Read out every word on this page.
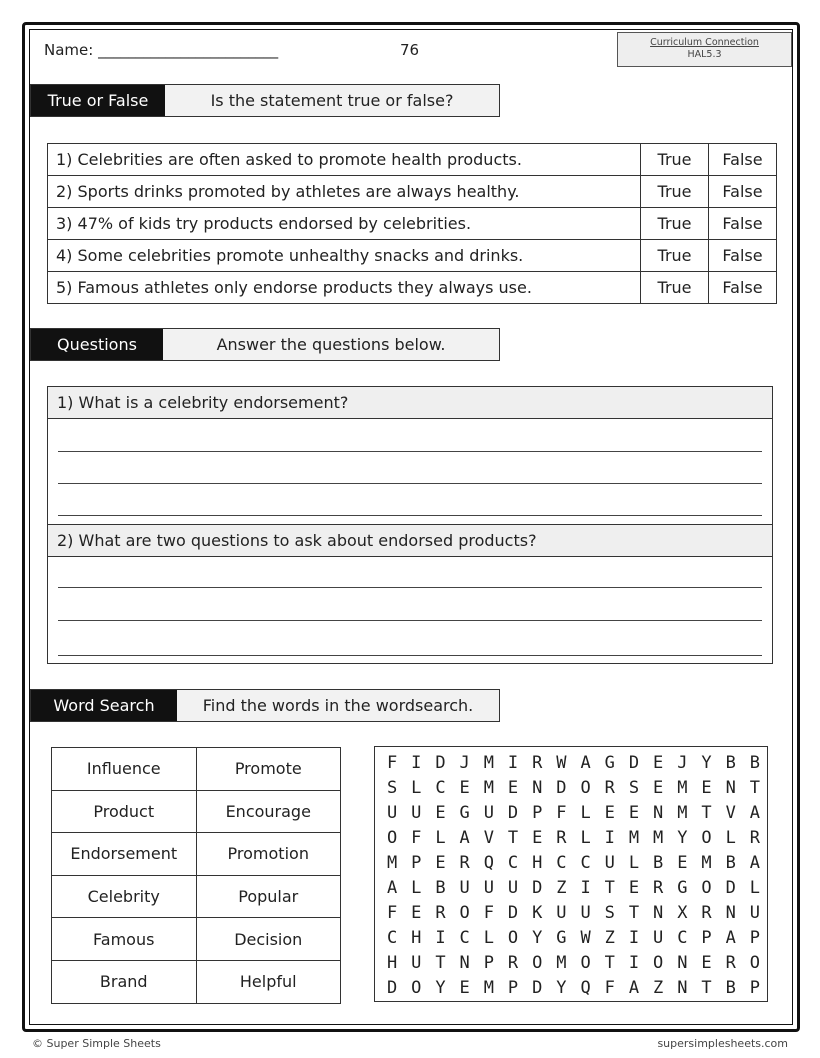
Name: ________________________	76	Curriculum Connection
HAL5.3
True or False	Is the statement true or false?
1) Celebrities are often asked to promote health products.	True	False
2) Sports drinks promoted by athletes are always healthy.	True	False
3) 47% of kids try products endorsed by celebrities.	True	False
4) Some celebrities promote unhealthy snacks and drinks.	True	False
5) Famous athletes only endorse products they always use.	True	False
Questions	Answer the questions below.
1) What is a celebrity endorsement?
2) What are two questions to ask about endorsed products?
Word Search	Find the words in the wordsearch.
Influence	Promote
Product	Encourage
Endorsement	Promotion
Celebrity	Popular
Famous	Decision
Brand	Helpful
F I D J M I R W A G D E J Y B B
S L C E M E N D O R S E M E N T
U U E G U D P F L E E N M T V A
O F L A V T E R L I M M Y O L R
M P E R Q C H C C U L B E M B A
A L B U U U D Z I T E R G O D L
F E R O F D K U U S T N X R N U
C H I C L O Y G W Z I U C P A P
H U T N P R O M O T I O N E R O
D O Y E M P D Y Q F A Z N T B P
© Super Simple Sheets	supersimplesheets.com
